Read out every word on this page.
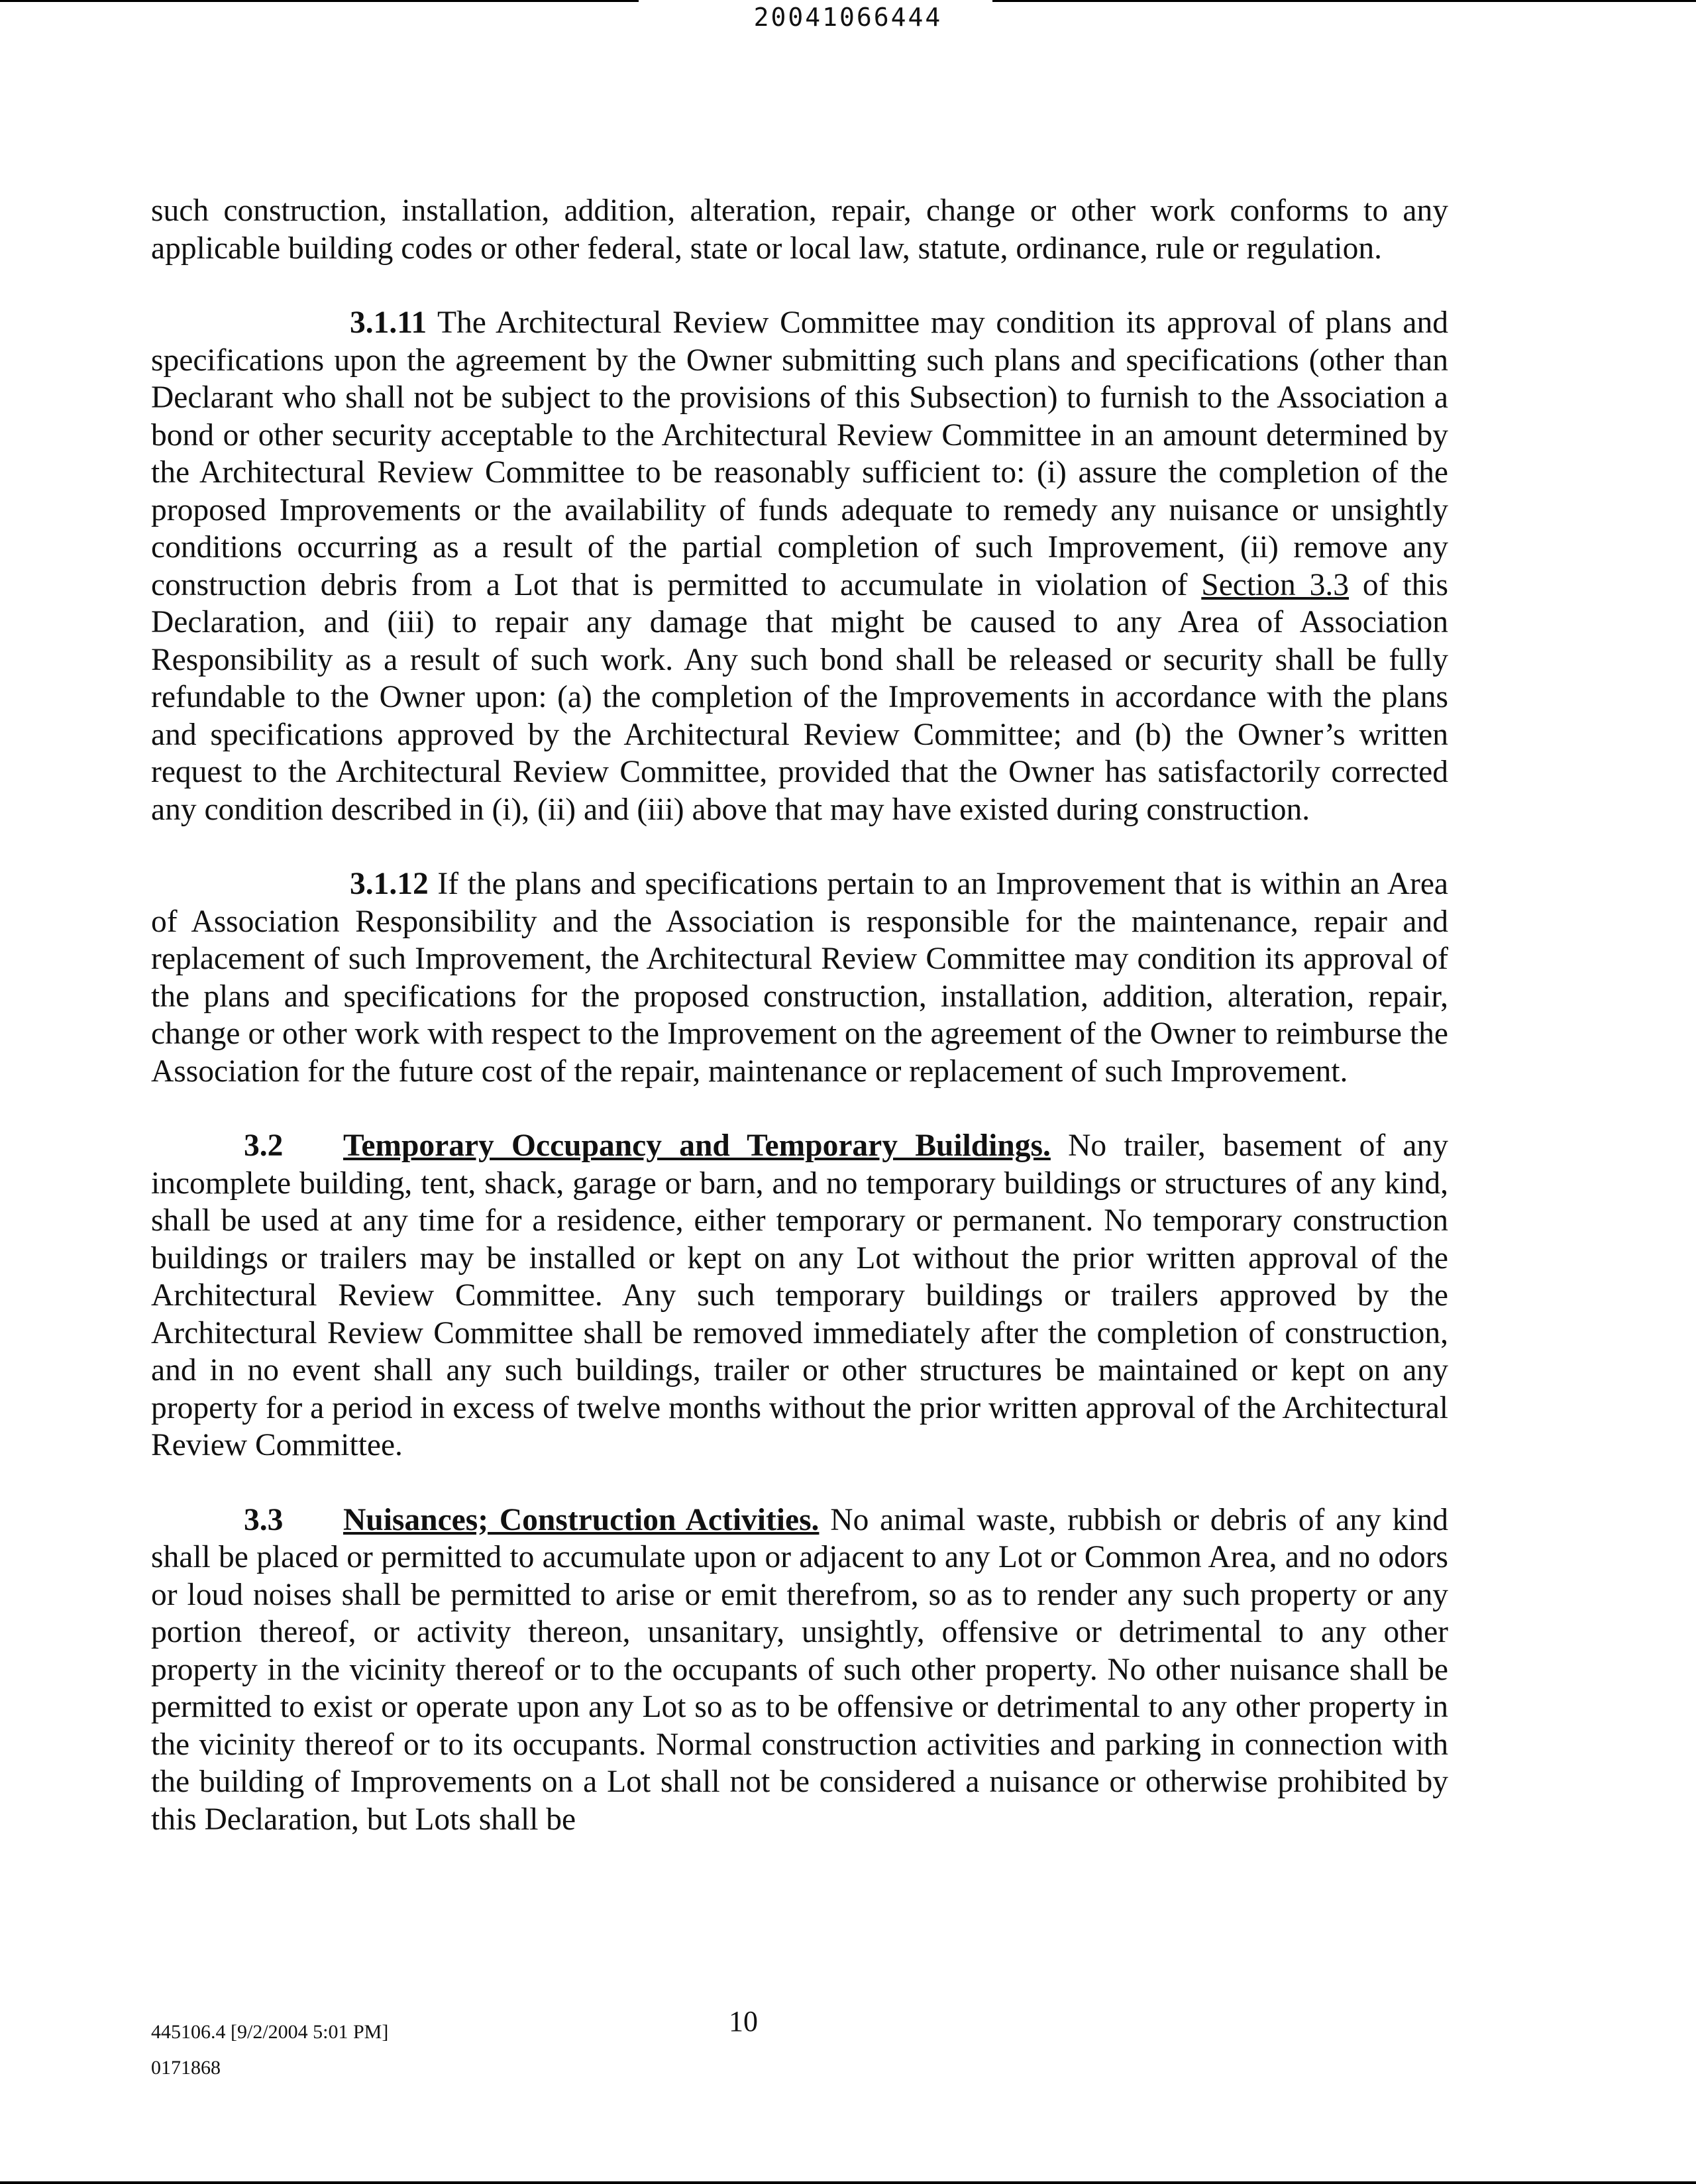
20041066444

such construction, installation, addition, alteration, repair, change or other work conforms to any applicable building codes or other federal, state or local law, statute, ordinance, rule or regulation.

3.1.11 The Architectural Review Committee may condition its approval of plans and specifications upon the agreement by the Owner submitting such plans and specifications (other than Declarant who shall not be subject to the provisions of this Subsection) to furnish to the Association a bond or other security acceptable to the Architectural Review Committee in an amount determined by the Architectural Review Committee to be reasonably sufficient to: (i) assure the completion of the proposed Improvements or the availability of funds adequate to remedy any nuisance or unsightly conditions occurring as a result of the partial completion of such Improvement, (ii) remove any construction debris from a Lot that is permitted to accumulate in violation of Section 3.3 of this Declaration, and (iii) to repair any damage that might be caused to any Area of Association Responsibility as a result of such work. Any such bond shall be released or security shall be fully refundable to the Owner upon: (a) the completion of the Improvements in accordance with the plans and specifications approved by the Architectural Review Committee; and (b) the Owner’s written request to the Architectural Review Committee, provided that the Owner has satisfactorily corrected any condition described in (i), (ii) and (iii) above that may have existed during construction.

3.1.12 If the plans and specifications pertain to an Improvement that is within an Area of Association Responsibility and the Association is responsible for the maintenance, repair and replacement of such Improvement, the Architectural Review Committee may condition its approval of the plans and specifications for the proposed construction, installation, addition, alteration, repair, change or other work with respect to the Improvement on the agreement of the Owner to reimburse the Association for the future cost of the repair, maintenance or replacement of such Improvement.

3.2 Temporary Occupancy and Temporary Buildings. No trailer, basement of any incomplete building, tent, shack, garage or barn, and no temporary buildings or structures of any kind, shall be used at any time for a residence, either temporary or permanent. No temporary construction buildings or trailers may be installed or kept on any Lot without the prior written approval of the Architectural Review Committee. Any such temporary buildings or trailers approved by the Architectural Review Committee shall be removed immediately after the completion of construction, and in no event shall any such buildings, trailer or other structures be maintained or kept on any property for a period in excess of twelve months without the prior written approval of the Architectural Review Committee.

3.3 Nuisances; Construction Activities. No animal waste, rubbish or debris of any kind shall be placed or permitted to accumulate upon or adjacent to any Lot or Common Area, and no odors or loud noises shall be permitted to arise or emit therefrom, so as to render any such property or any portion thereof, or activity thereon, unsanitary, unsightly, offensive or detrimental to any other property in the vicinity thereof or to the occupants of such other property. No other nuisance shall be permitted to exist or operate upon any Lot so as to be offensive or detrimental to any other property in the vicinity thereof or to its occupants. Normal construction activities and parking in connection with the building of Improvements on a Lot shall not be considered a nuisance or otherwise prohibited by this Declaration, but Lots shall be

445106.4 [9/2/2004 5:01 PM]
0171868
10
